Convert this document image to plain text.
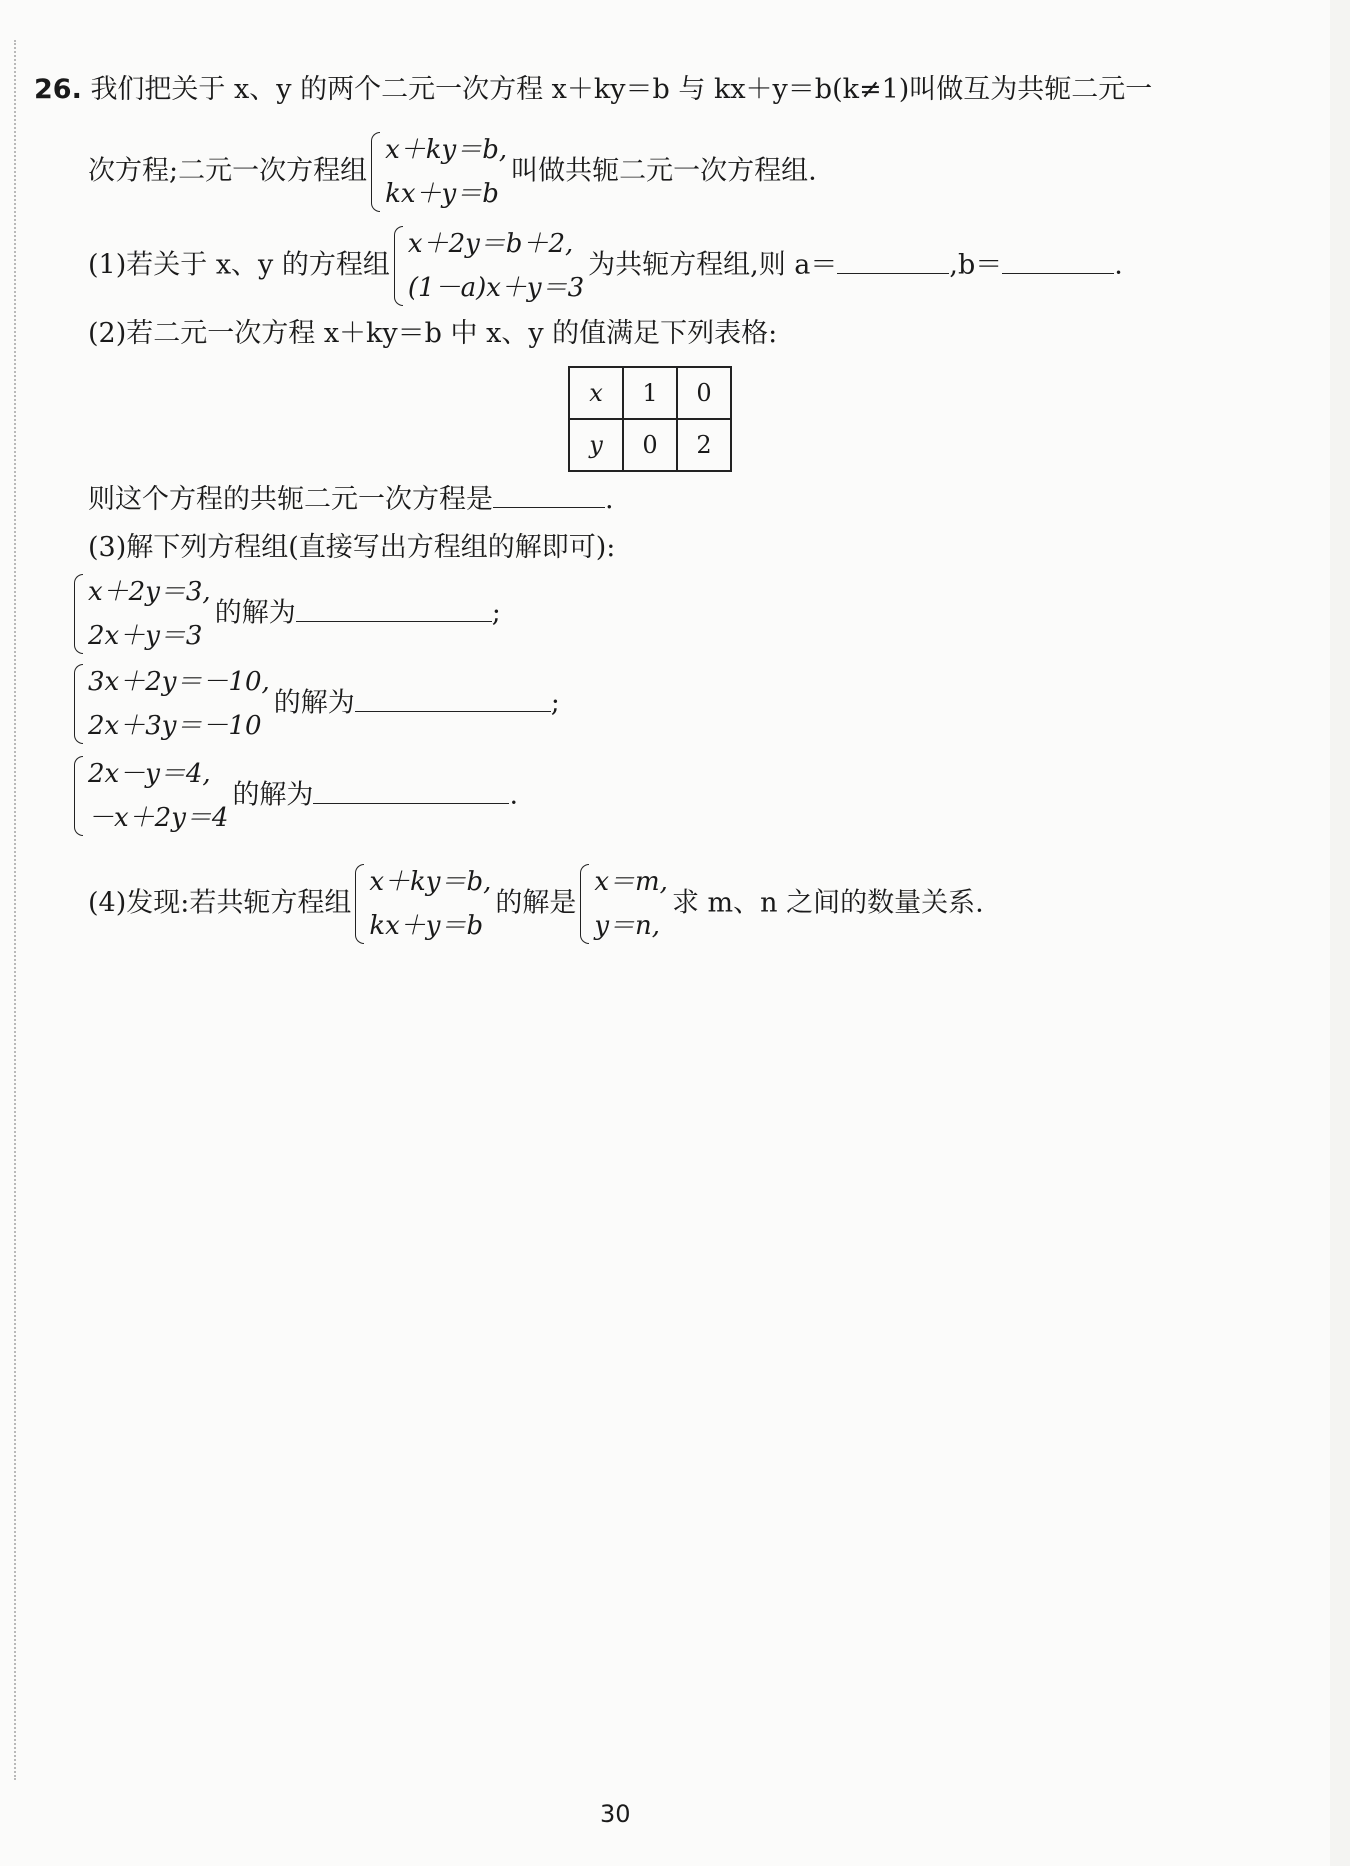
26. 我们把关于 x、y 的两个二元一次方程 x＋ky＝b 与 kx＋y＝b(k≠1)叫做互为共轭二元一
次方程;二元一次方程组
x＋ky＝b,
kx＋y＝b
叫做共轭二元一次方程组.
(1)若关于 x、y 的方程组
x＋2y＝b＋2,
(1－a)x＋y＝3
为共轭方程组,则 a＝	,b＝	.
(2)若二元一次方程 x＋ky＝b 中 x、y 的值满足下列表格:
x	1	0
y	0	2
则这个方程的共轭二元一次方程是	.
(3)解下列方程组(直接写出方程组的解即可):
x＋2y＝3,
2x＋y＝3
的解为	;
3x＋2y＝－10,
2x＋3y＝－10
的解为	;
2x－y＝4,
－x＋2y＝4
的解为	.
(4)发现:若共轭方程组
x＋ky＝b,
kx＋y＝b
的解是
x＝m,
y＝n,
求 m、n 之间的数量关系.
30
